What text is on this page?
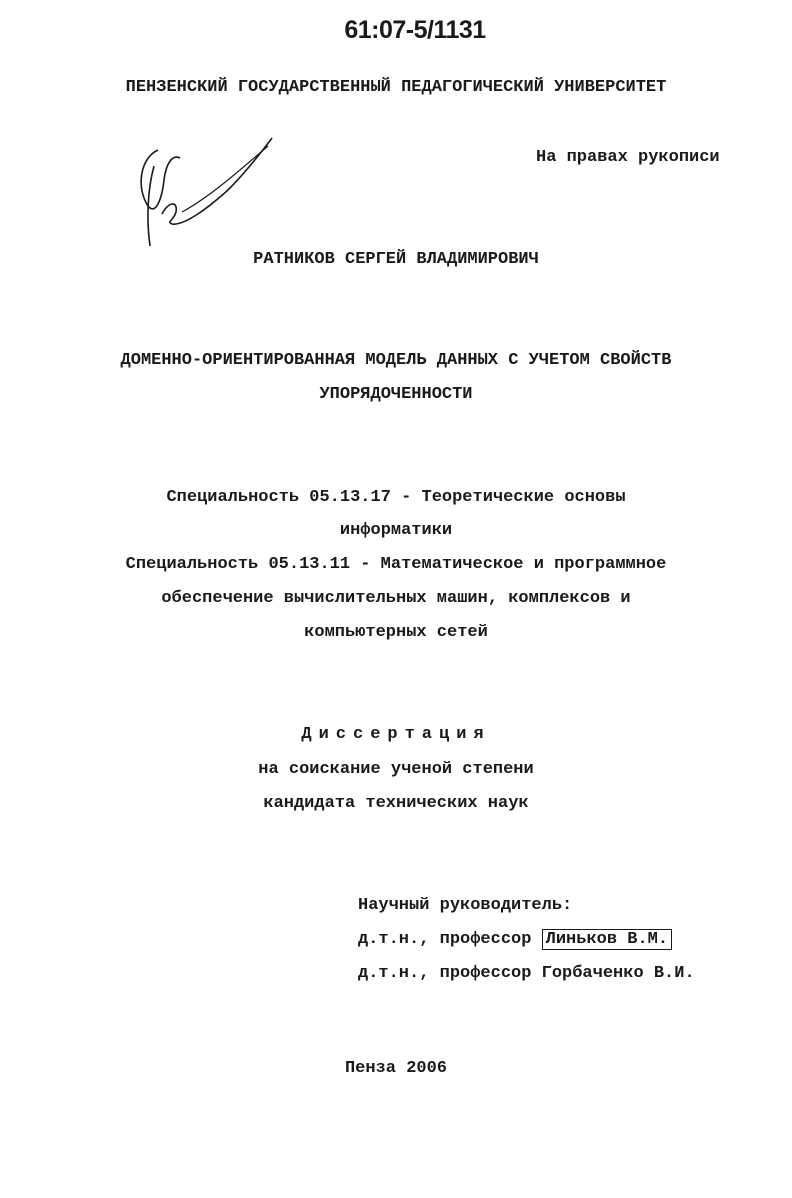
61:07-5/1131
ПЕНЗЕНСКИЙ ГОСУДАРСТВЕННЫЙ ПЕДАГОГИЧЕСКИЙ УНИВЕРСИТЕТ
На правах рукописи
РАТНИКОВ СЕРГЕЙ ВЛАДИМИРОВИЧ
ДОМЕННО-ОРИЕНТИРОВАННАЯ МОДЕЛЬ ДАННЫХ С УЧЕТОМ СВОЙСТВ
УПОРЯДОЧЕННОСТИ
Специальность 05.13.17 - Теоретические основы
информатики
Специальность 05.13.11 - Математическое и программное
обеспечение вычислительных машин, комплексов и
компьютерных сетей
Диссертация
на соискание ученой степени
кандидата технических наук
Научный руководитель:
д.т.н., профессор Линьков В.М.
д.т.н., профессор Горбаченко В.И.
Пенза 2006
